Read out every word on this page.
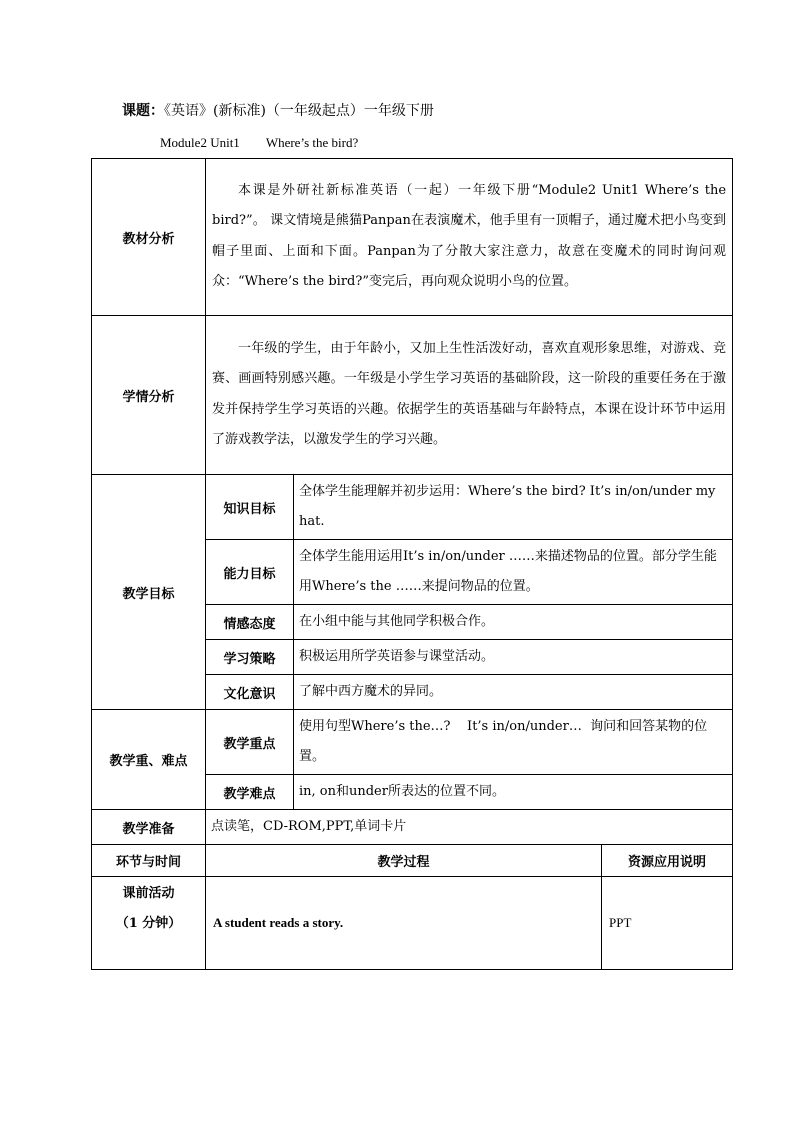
课题：《英语》(新标准)（一年级起点）一年级下册
Module2 Unit1 Where’s the bird?
教材分析	本课是外研社新标准英语（一起）一年级下册“Module2 Unit1 Where’s the bird?”。 课文情境是熊猫Panpan在表演魔术，他手里有一顶帽子，通过魔术把小鸟变到帽子里面、上面和下面。Panpan为了分散大家注意力，故意在变魔术的同时询问观众：“Where’s the bird?”变完后，再向观众说明小鸟的位置。		

学情分析	一年级的学生，由于年龄小，又加上生性活泼好动，喜欢直观形象思维，对游戏、竞赛、画画特别感兴趣。一年级是小学生学习英语的基础阶段，这一阶段的重要任务在于激发并保持学生学习英语的兴趣。依据学生的英语基础与年龄特点，本课在设计环节中运用了游戏教学法，以激发学生的学习兴趣。		

教学目标	知识目标	全体学生能理解并初步运用：Where’s the bird? It’s in/on/under my hat.	
	能力目标	全体学生能用运用It’s in/on/under ……来描述物品的位置。部分学生能用Where’s the ……来提问物品的位置。	
	情感态度	在小组中能与其他同学积极合作。	
	学习策略	积极运用所学英语参与课堂活动。	
	文化意识	了解中西方魔术的异同。	
教学重、难点	教学重点	使用句型Where’s the…?    It’s in/on/under…  询问和回答某物的位置。	
	教学难点	in, on和under所表达的位置不同。	
教学准备	点读笔，CD-ROM,PPT,单词卡片		
环节与时间	教学过程		资源应用说明

课前活动
（1 分钟）	A student reads a story.		PPT
